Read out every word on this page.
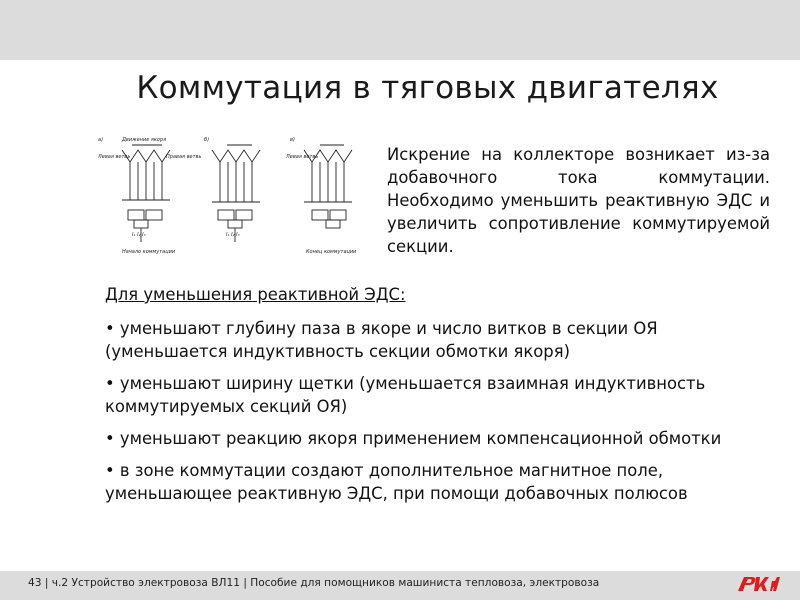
Коммутация в тяговых двигателях
а)	Движение якоря
Левая ветвь	Правая ветвь
I₁ I₂ I₃
Начало коммутации
б)
I₁ I₂ I₃
в)
Левая ветвь
Конец коммутации
Искрение на коллекторе возникает из-за добавочного тока коммутации. Необходимо уменьшить реактивную ЭДС и увеличить сопротивление коммутируемой секции.
Для уменьшения реактивной ЭДС:
• уменьшают глубину паза в якоре и число витков в секции ОЯ (уменьшается индуктивность секции обмотки якоря)
• уменьшают ширину щетки (уменьшается взаимная индуктивность коммутируемых секций ОЯ)
• уменьшают реакцию якоря применением компенсационной обмотки
• в зоне коммутации создают дополнительное магнитное поле, уменьшающее реактивную ЭДС, при помощи добавочных полюсов
43 | ч.2 Устройство электровоза ВЛ11 | Пособие для помощников машиниста тепловоза, электровоза
